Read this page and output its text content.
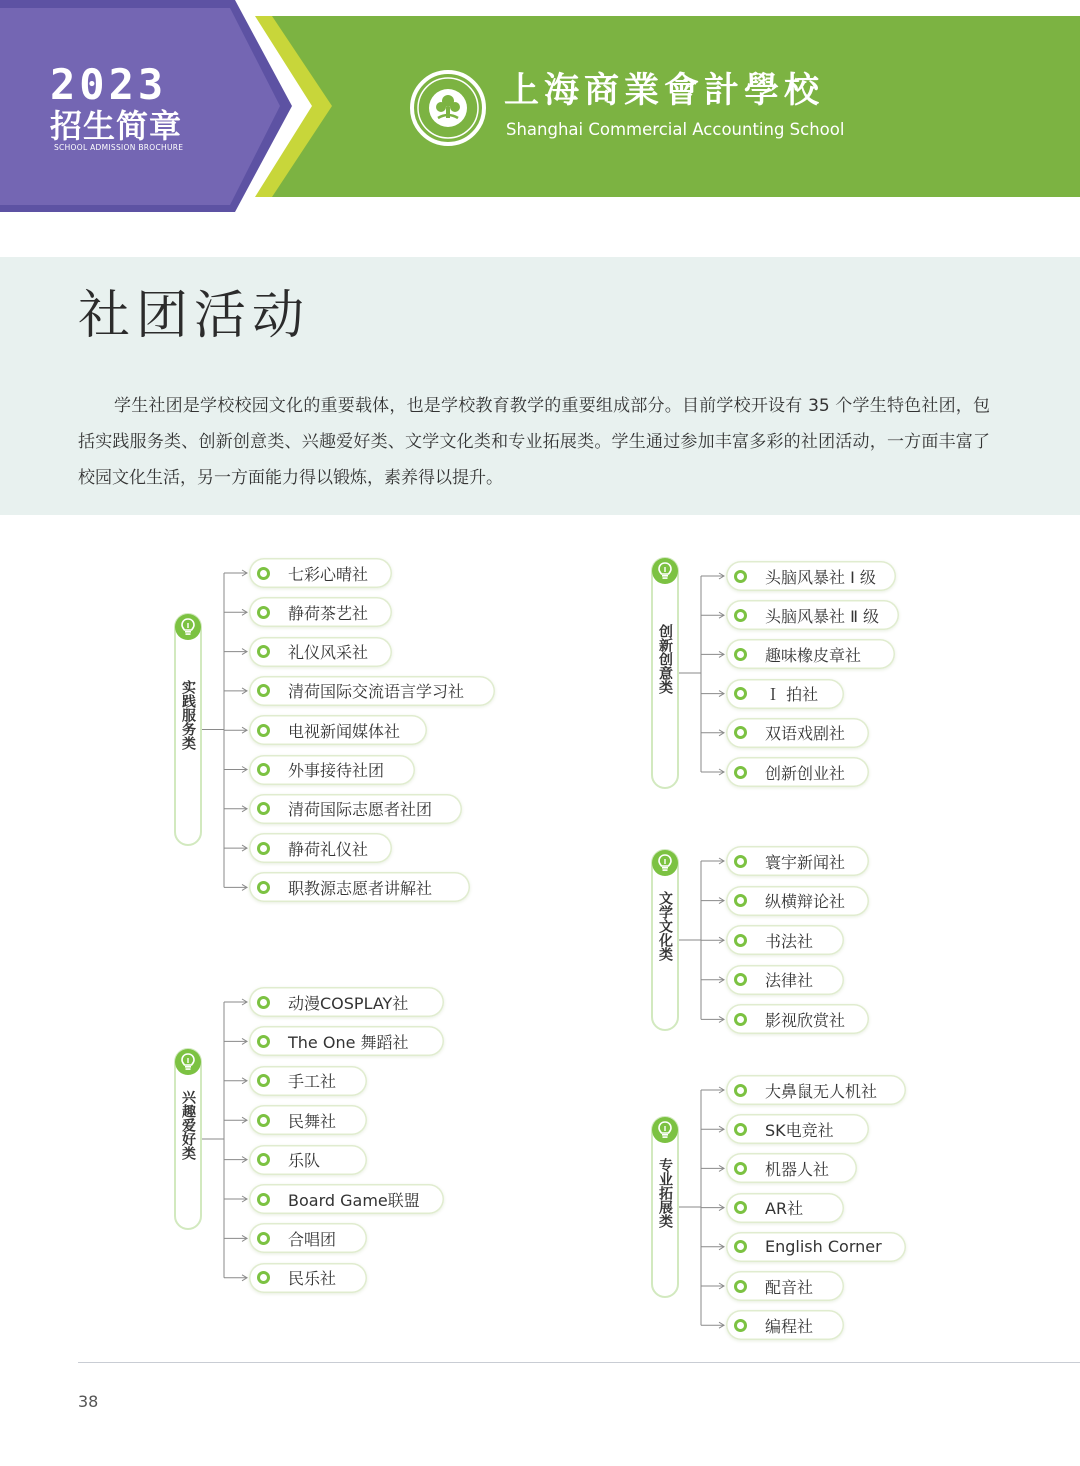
2023
招生简章
SCHOOL ADMISSION BROCHURE
上海商業會計學校
Shanghai Commercial Accounting School
社团活动

学生社团是学校校园文化的重要载体，也是学校教育教学的重要组成部分。目前学校开设有 35 个学生特色社团，包括实践服务类、创新创意类、兴趣爱好类、文学文化类和专业拓展类。学生通过参加丰富多彩的社团活动，一方面丰富了校园文化生活，另一方面能力得以锻炼，素养得以提升。

实践服务类
七彩心晴社
静荷茶艺社
礼仪风采社
清荷国际交流语言学习社
电视新闻媒体社
外事接待社团
清荷国际志愿者社团
静荷礼仪社
职教源志愿者讲解社
创新创意类
头脑风暴社 Ⅰ 级
头脑风暴社 Ⅱ 级
趣味橡皮章社
Ｉ 拍社
双语戏剧社
创新创业社
兴趣爱好类
动漫COSPLAY社
The One 舞蹈社
手工社
民舞社
乐队
Board Game联盟
合唱团
民乐社
文学文化类
寰宇新闻社
纵横辩论社
书法社
法律社
影视欣赏社
专业拓展类
大鼻鼠无人机社
SK电竞社
机器人社
AR社
English Corner
配音社
编程社
38
